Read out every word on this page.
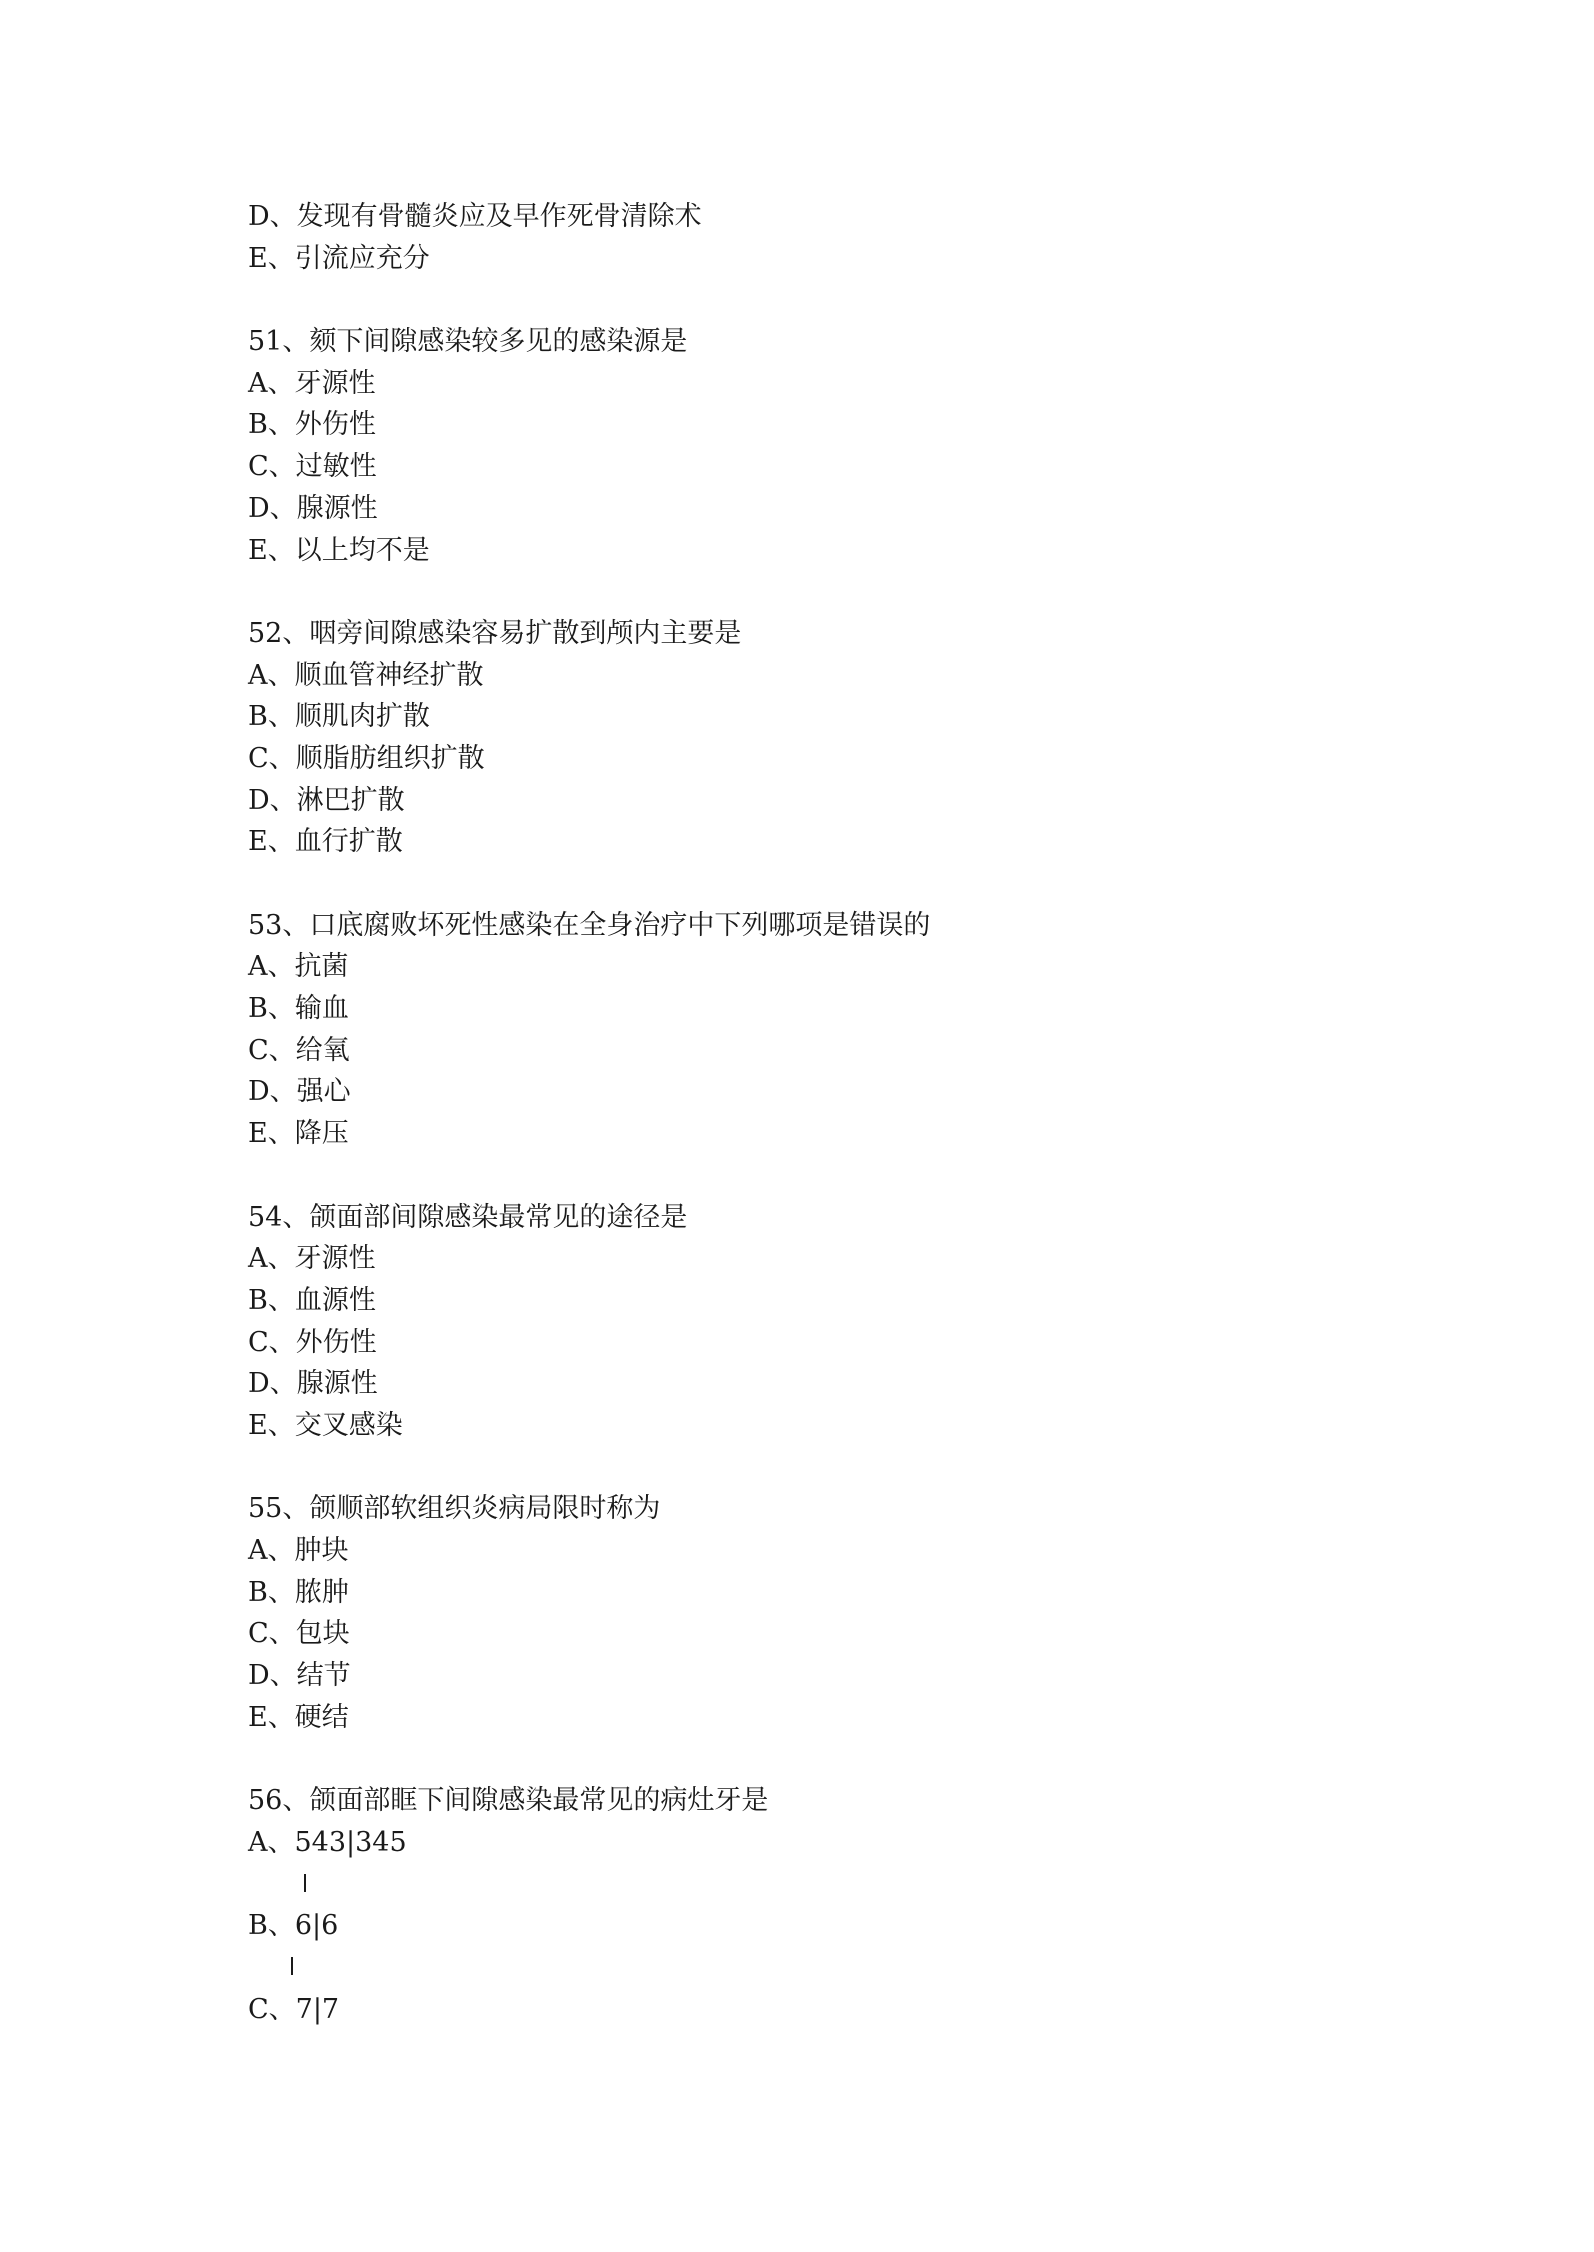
D、发现有骨髓炎应及早作死骨清除术
E、引流应充分
51、颏下间隙感染较多见的感染源是
A、牙源性
B、外伤性
C、过敏性
D、腺源性
E、以上均不是
52、咽旁间隙感染容易扩散到颅内主要是
A、顺血管神经扩散
B、顺肌肉扩散
C、顺脂肪组织扩散
D、淋巴扩散
E、血行扩散
53、口底腐败坏死性感染在全身治疗中下列哪项是错误的
A、抗菌
B、输血
C、给氧
D、强心
E、降压
54、颌面部间隙感染最常见的途径是
A、牙源性
B、血源性
C、外伤性
D、腺源性
E、交叉感染
55、颌顺部软组织炎病局限时称为
A、肿块
B、脓肿
C、包块
D、结节
E、硬结
56、颌面部眶下间隙感染最常见的病灶牙是
A、543|345
B、6|6
C、7|7
